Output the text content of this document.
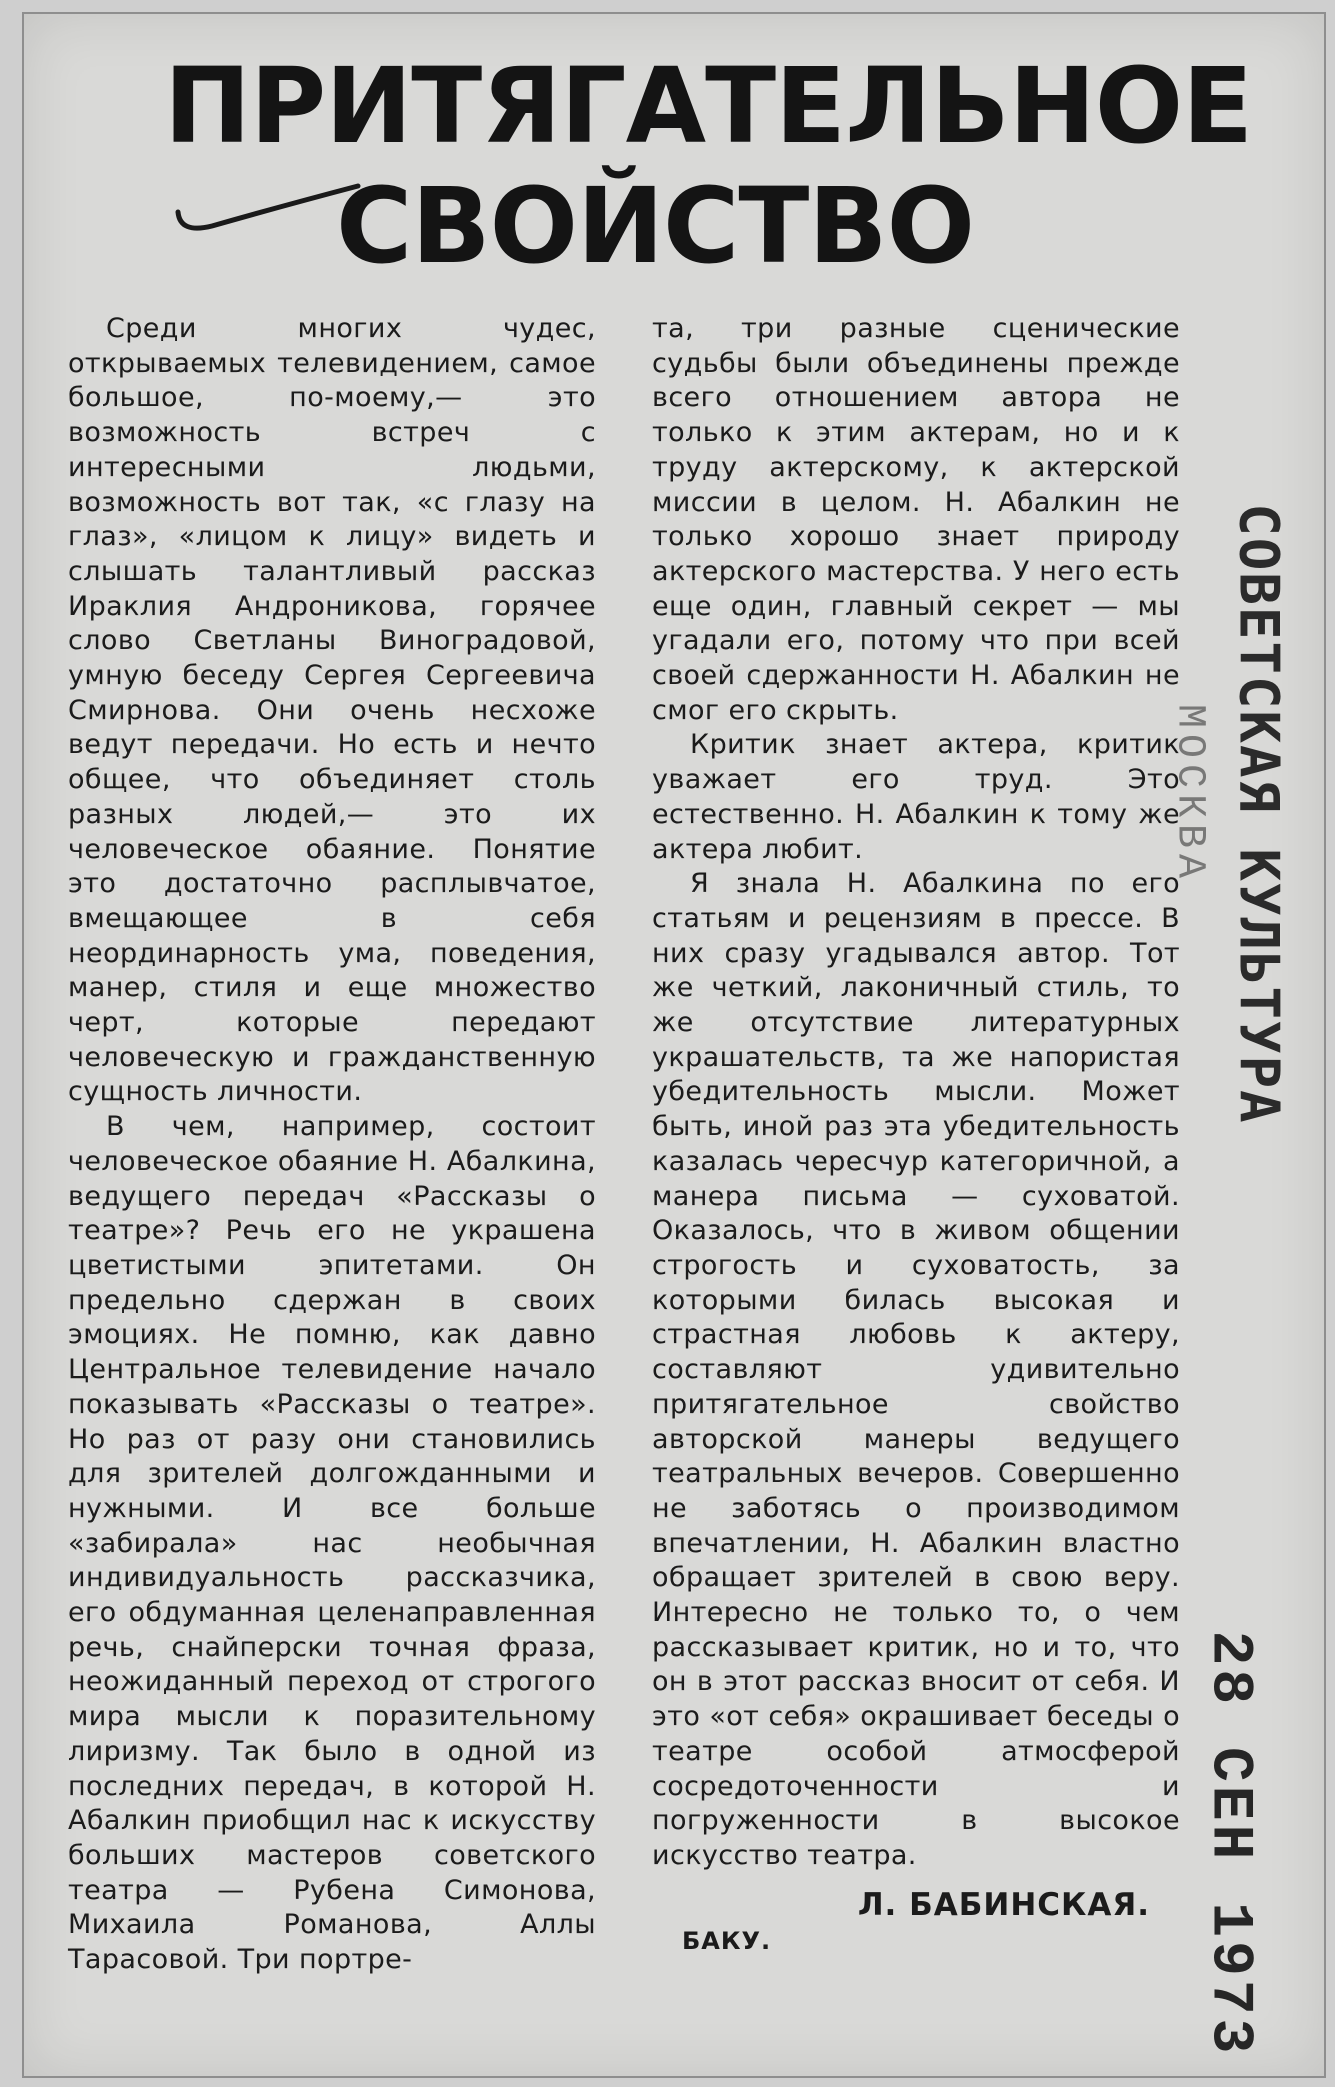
ПРИТЯГАТЕЛЬНОЕ
СВОЙСТВО

Среди многих чудес, открываемых телевидением, самое большое, по-моему,— это возможность встреч с интересными людьми, возможность вот так, «с глазу на глаз», «лицом к лицу» видеть и слышать талантливый рассказ Ираклия Андроникова, горячее слово Светланы Виноградовой, умную беседу Сергея Сергеевича Смирнова. Они очень несхоже ведут передачи. Но есть и нечто общее, что объединяет столь разных людей,— это их человеческое обаяние. Понятие это достаточно расплывчатое, вмещающее в себя неординарность ума, поведения, манер, стиля и еще множество черт, которые передают человеческую и гражданственную сущность личности.

В чем, например, состоит человеческое обаяние Н. Абалкина, ведущего передач «Рассказы о театре»? Речь его не украшена цветистыми эпитетами. Он предельно сдержан в своих эмоциях. Не помню, как давно Центральное телевидение начало показывать «Рассказы о театре». Но раз от разу они становились для зрителей долгожданными и нужными. И все больше «забирала» нас необычная индивидуальность рассказчика, его обдуманная целенаправленная речь, снайперски точная фраза, неожиданный переход от строгого мира мысли к поразительному лиризму. Так было в одной из последних передач, в которой Н. Абалкин приобщил нас к искусству больших мастеров советского театра — Рубена Симонова, Михаила Романова, Аллы Тарасовой. Три портре-

та, три разные сценические судьбы были объединены прежде всего отношением автора не только к этим актерам, но и к труду актерскому, к актерской миссии в целом. Н. Абалкин не только хорошо знает природу актерского мастерства. У него есть еще один, главный секрет — мы угадали его, потому что при всей своей сдержанности Н. Абалкин не смог его скрыть.

Критик знает актера, критик уважает его труд. Это естественно. Н. Абалкин к тому же актера любит.

Я знала Н. Абалкина по его статьям и рецензиям в прессе. В них сразу угадывался автор. Тот же четкий, лаконичный стиль, то же отсутствие литературных украшательств, та же напористая убедительность мысли. Может быть, иной раз эта убедительность казалась чересчур категоричной, а манера письма — суховатой. Оказалось, что в живом общении строгость и суховатость, за которыми билась высокая и страстная любовь к актеру, составляют удивительно притягательное свойство авторской манеры ведущего театральных вечеров. Совершенно не заботясь о производимом впечатлении, Н. Абалкин властно обращает зрителей в свою веру. Интересно не только то, о чем рассказывает критик, но и то, что он в этот рассказ вносит от себя. И это «от себя» окрашивает беседы о театре особой атмосферой сосредоточенности и погруженности в высокое искусство театра.

Л. БАБИНСКАЯ.
БАКУ.
СОВЕТСКАЯ КУЛЬТУРА
МОСКВА
28 СЕН 1973
